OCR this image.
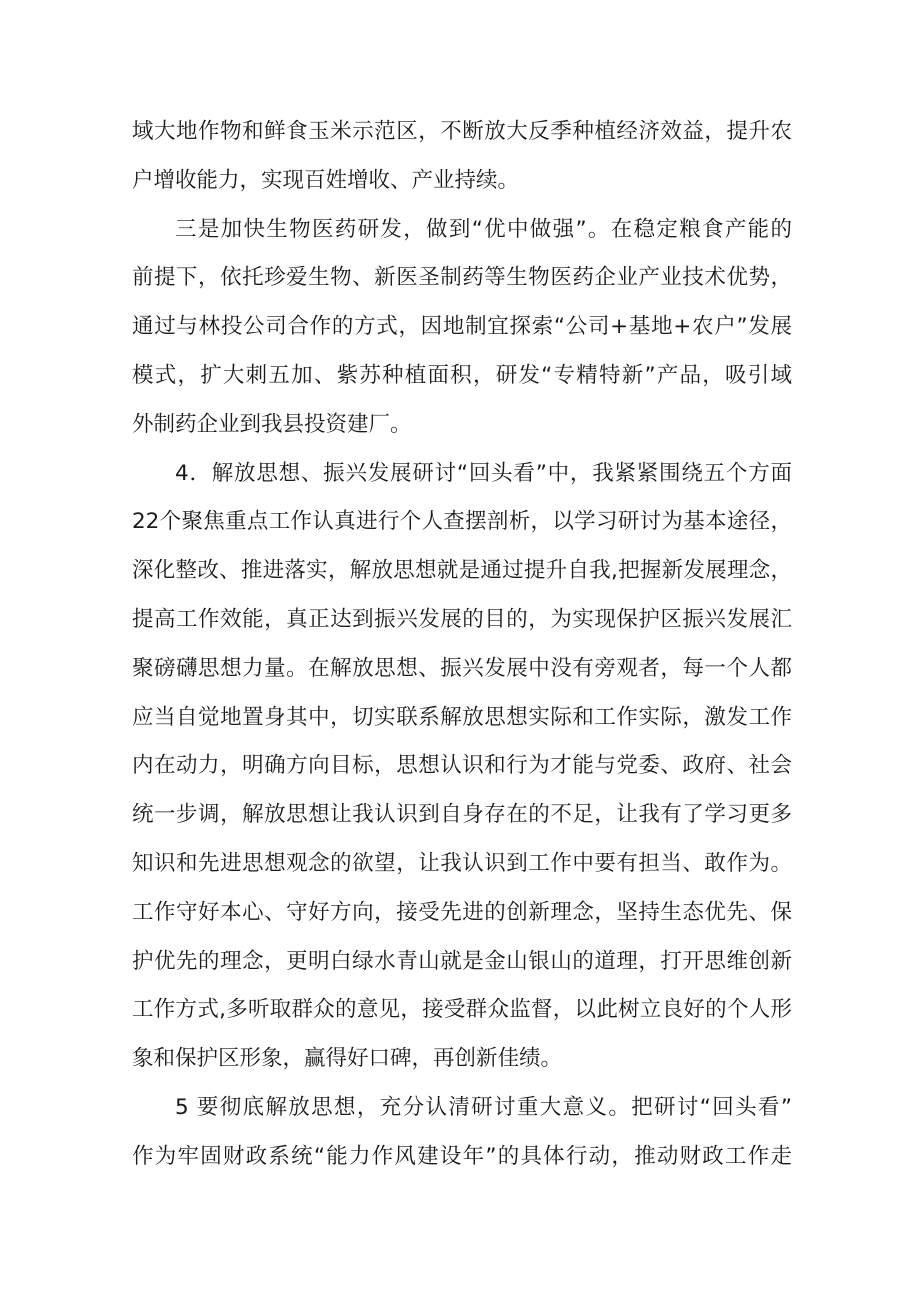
域大地作物和鲜食玉米示范区，不断放大反季种植经济效益，提升农
户增收能力，实现百姓增收、产业持续。
三是加快生物医药研发，做到“优中做强”。在稳定粮食产能的
前提下，依托珍爱生物、新医圣制药等生物医药企业产业技术优势，
通过与林投公司合作的方式，因地制宜探索“公司+基地+农户”发展
模式，扩大刺五加、紫苏种植面积，研发“专精特新”产品，吸引域
外制药企业到我县投资建厂。
4．解放思想、振兴发展研讨“回头看”中，我紧紧围绕五个方面
22个聚焦重点工作认真进行个人查摆剖析，以学习研讨为基本途径，
深化整改、推进落实，解放思想就是通过提升自我,把握新发展理念，
提高工作效能，真正达到振兴发展的目的，为实现保护区振兴发展汇
聚磅礴思想力量。在解放思想、振兴发展中没有旁观者，每一个人都
应当自觉地置身其中，切实联系解放思想实际和工作实际，激发工作
内在动力，明确方向目标，思想认识和行为才能与党委、政府、社会
统一步调，解放思想让我认识到自身存在的不足，让我有了学习更多
知识和先进思想观念的欲望，让我认识到工作中要有担当、敢作为。
工作守好本心、守好方向，接受先进的创新理念，坚持生态优先、保
护优先的理念，更明白绿水青山就是金山银山的道理，打开思维创新
工作方式,多听取群众的意见，接受群众监督，以此树立良好的个人形
象和保护区形象，赢得好口碑，再创新佳绩。
5 要彻底解放思想，充分认清研讨重大意义。把研讨“回头看”
作为牢固财政系统“能力作风建设年”的具体行动，推动财政工作走
